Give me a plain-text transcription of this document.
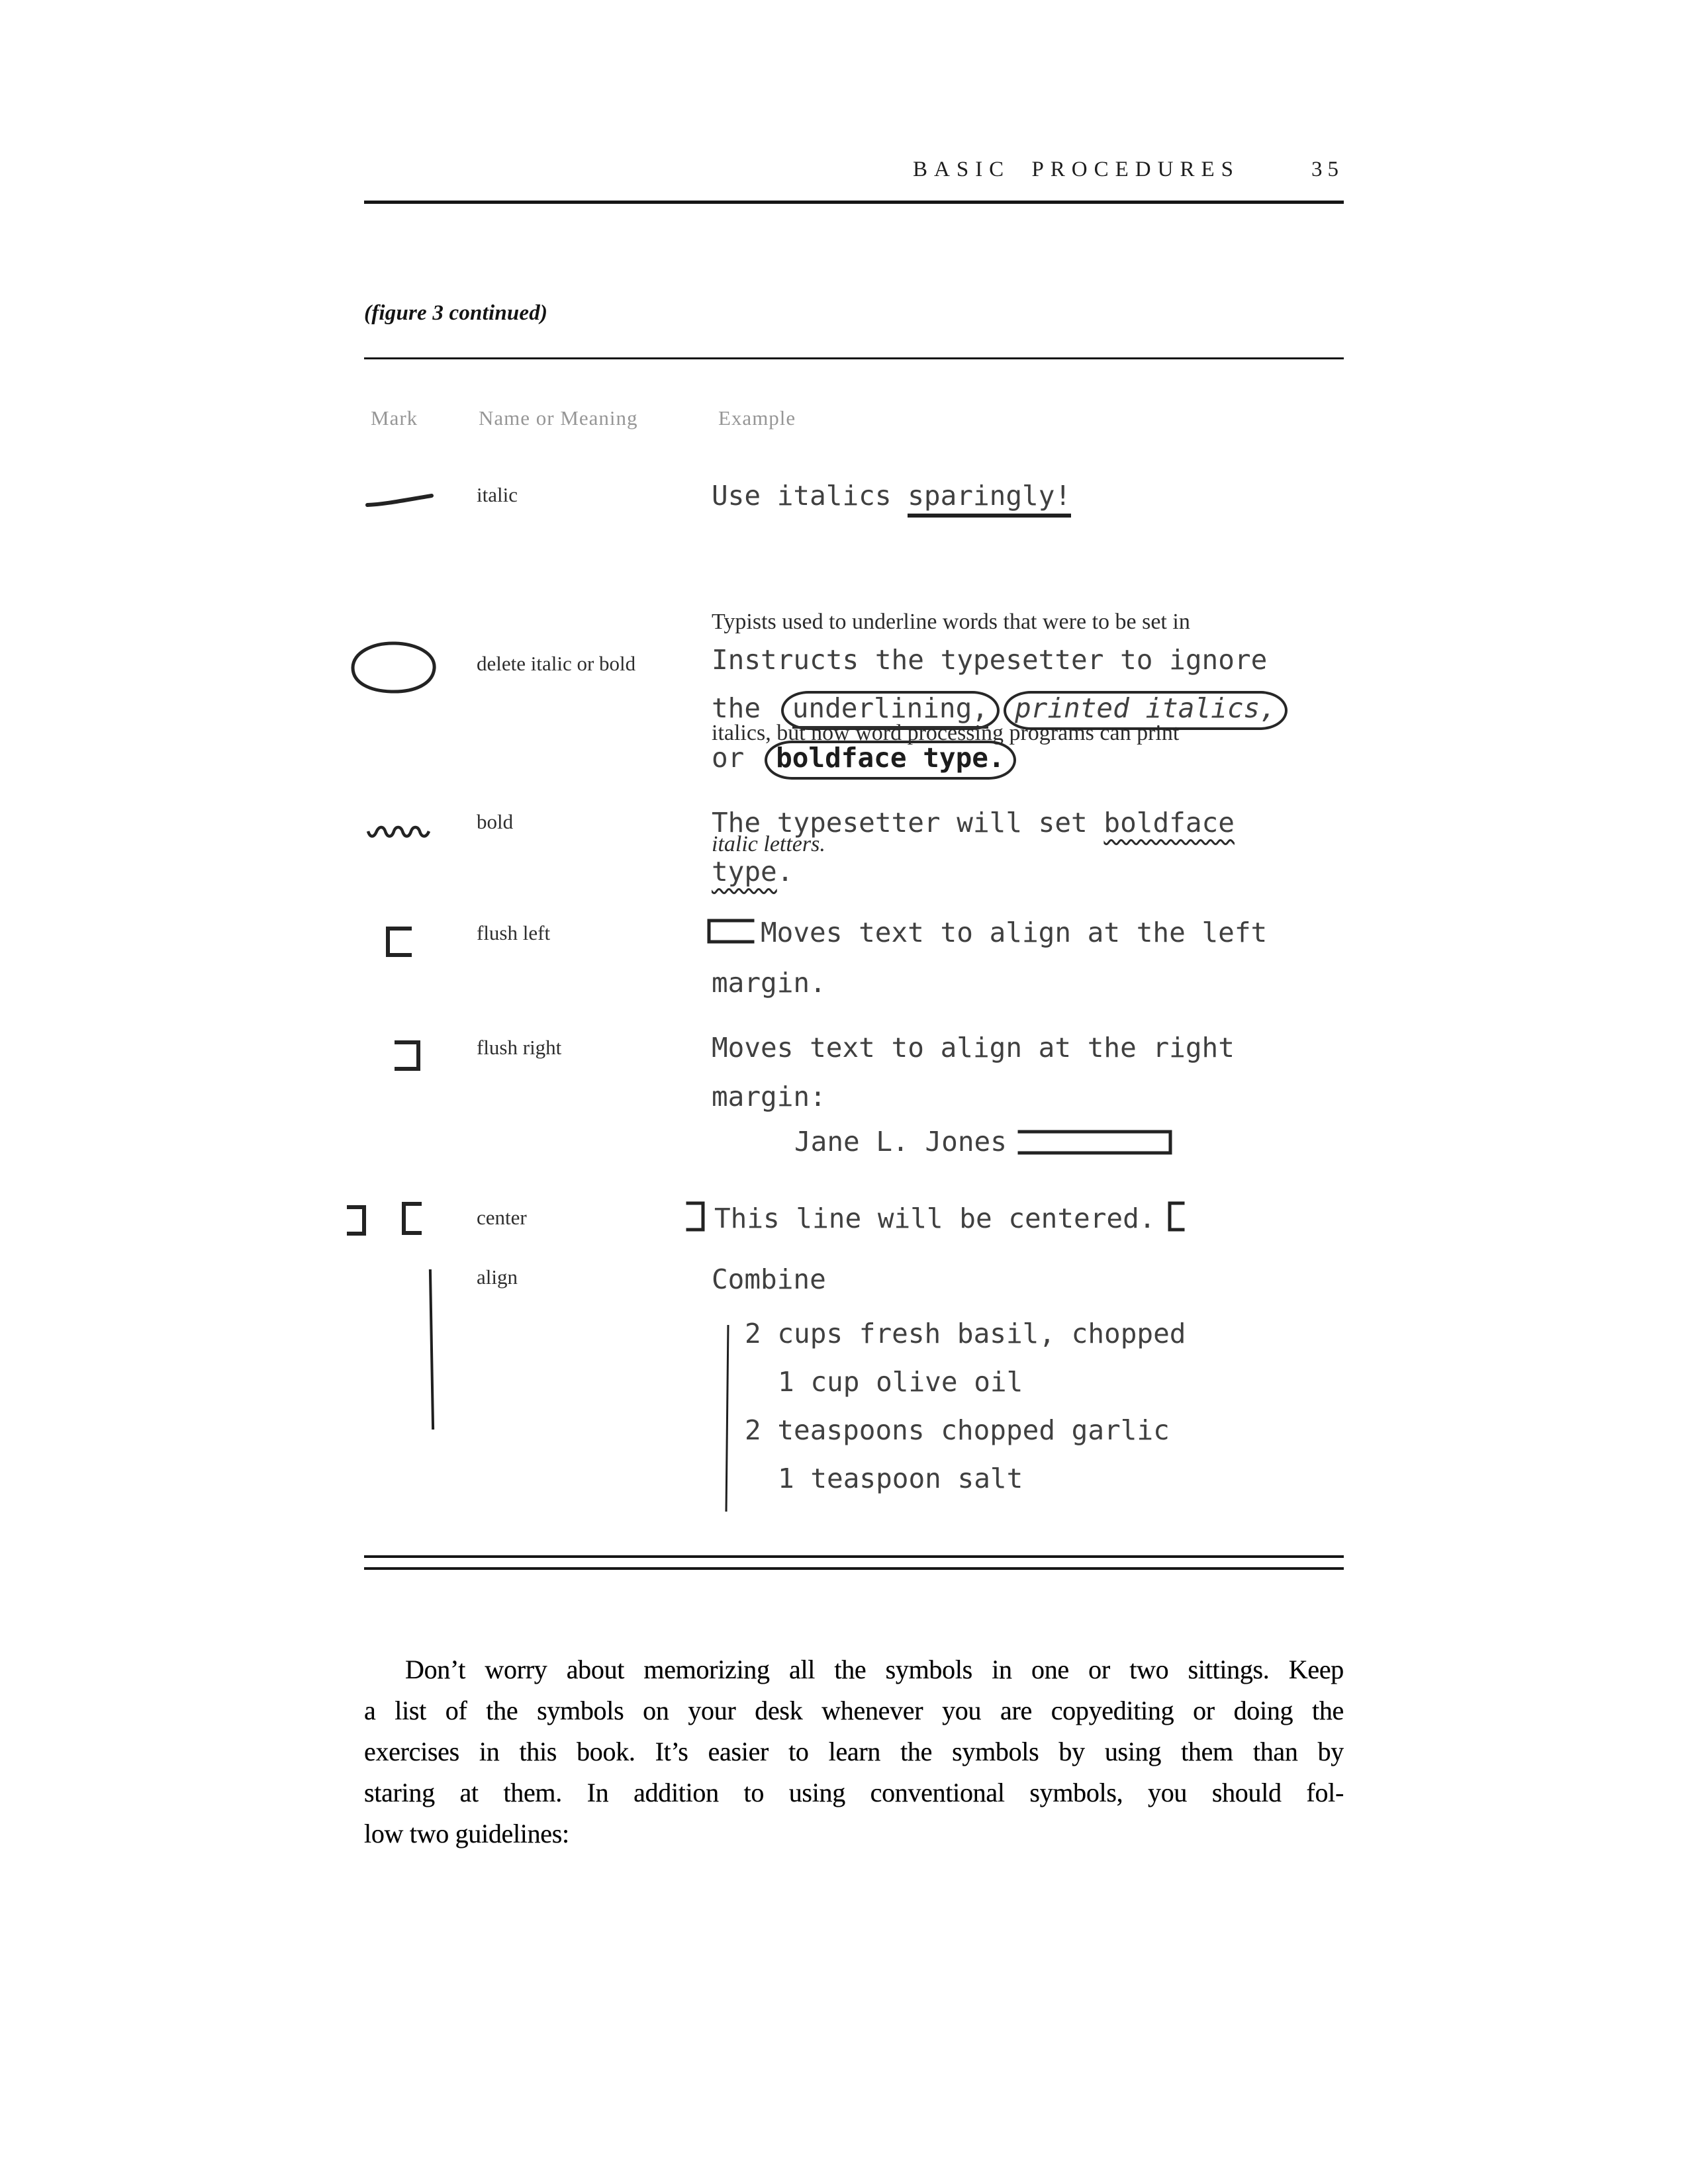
BASIC PROCEDURES	35
(figure 3 continued)
Mark	Name or Meaning	Example
italic	Use italics sparingly!

Typists used to underline words that were to be set in

italics, but now word processing programs can print

italic letters.

delete italic or bold	Instructs the typesetter to ignore
the underlining, printed italics,
or boldface type.
bold	The typesetter will set boldface
type.
flush left	Moves text to align at the left
margin.
flush right	Moves text to align at the right
margin:
Jane L. Jones
center	This line will be centered.
align	Combine
2 cups fresh basil, chopped
1 cup olive oil
2 teaspoons chopped garlic
1 teaspoon salt
Don’t worry about memorizing all the symbols in one or two sittings. Keep
a list of the symbols on your desk whenever you are copyediting or doing the
exercises in this book. It’s easier to learn the symbols by using them than by
staring at them. In addition to using conventional symbols, you should fol-
low two guidelines:
